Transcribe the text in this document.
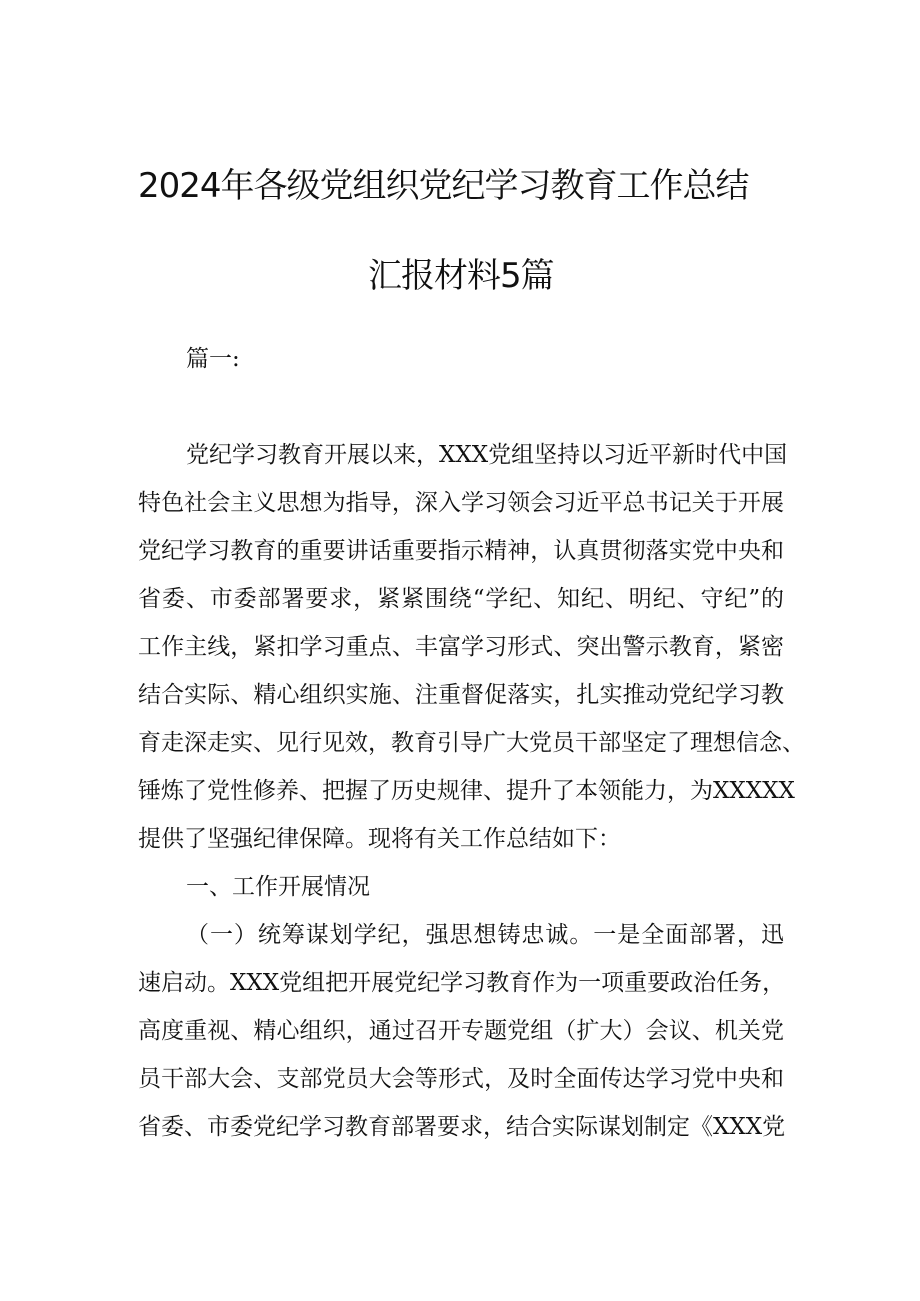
2024年各级党组织党纪学习教育工作总结
汇报材料5篇
篇一:
党纪学习教育开展以来，XXX党组坚持以习近平新时代中国
特色社会主义思想为指导，深入学习领会习近平总书记关于开展
党纪学习教育的重要讲话重要指示精神，认真贯彻落实党中央和
省委、市委部署要求，紧紧围绕“学纪、知纪、明纪、守纪”的
工作主线，紧扣学习重点、丰富学习形式、突出警示教育，紧密
结合实际、精心组织实施、注重督促落实，扎实推动党纪学习教
育走深走实、见行见效，教育引导广大党员干部坚定了理想信念、
锤炼了党性修养、把握了历史规律、提升了本领能力，为XXXXX
提供了坚强纪律保障。现将有关工作总结如下：
一、工作开展情况
（一）统筹谋划学纪，强思想铸忠诚。一是全面部署，迅
速启动。XXX党组把开展党纪学习教育作为一项重要政治任务，
高度重视、精心组织，通过召开专题党组（扩大）会议、机关党
员干部大会、支部党员大会等形式，及时全面传达学习党中央和
省委、市委党纪学习教育部署要求，结合实际谋划制定《XXX党
